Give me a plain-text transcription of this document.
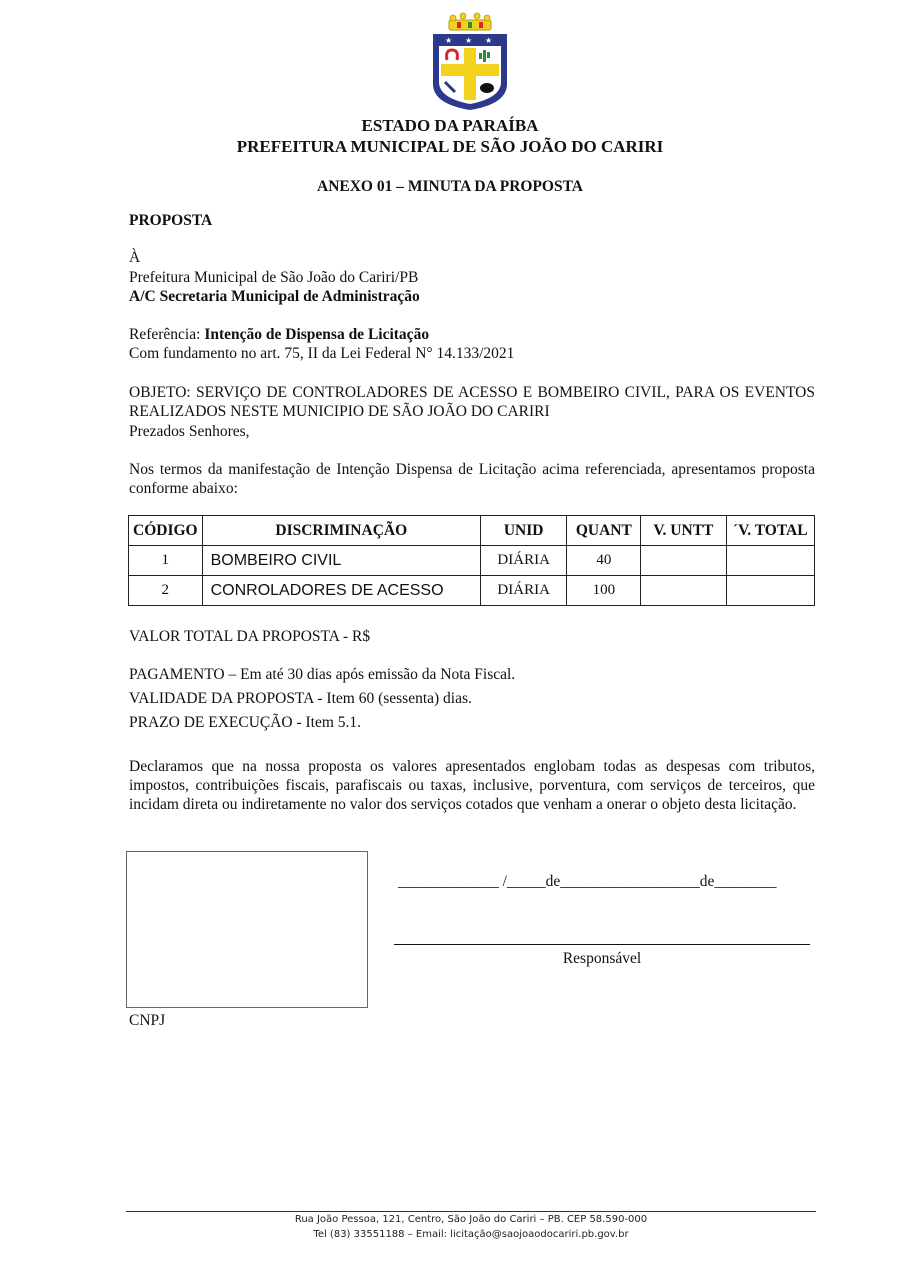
★ ★ ★
ESTADO DA PARAÍBA
PREFEITURA MUNICIPAL DE SÃO JOÃO DO CARIRI
ANEXO 01 – MINUTA DA PROPOSTA
PROPOSTA
À
Prefeitura Municipal de São João do Cariri/PB
A/C Secretaria Municipal de Administração
Referência: Intenção de Dispensa de Licitação
Com fundamento no art. 75, II da Lei Federal N° 14.133/2021
OBJETO: SERVIÇO DE CONTROLADORES DE ACESSO E BOMBEIRO CIVIL, PARA OS EVENTOS REALIZADOS NESTE MUNICIPIO DE SÃO JOÃO DO CARIRI
Prezados Senhores,
Nos termos da manifestação de Intenção Dispensa de Licitação acima referenciada, apresentamos proposta conforme abaixo:
CÓDIGO	DISCRIMINAÇÃO	UNID	QUANT	V. UNTT	´V. TOTAL
1	BOMBEIRO CIVIL	DIÁRIA	40		
2	CONROLADORES DE ACESSO	DIÁRIA	100		
VALOR TOTAL DA PROPOSTA - R$
PAGAMENTO – Em até 30 dias após emissão da Nota Fiscal.
VALIDADE DA PROPOSTA - Item 60 (sessenta) dias.
PRAZO DE EXECUÇÃO - Item 5.1.
Declaramos que na nossa proposta os valores apresentados englobam todas as despesas com tributos, impostos, contribuições fiscais, parafiscais ou taxas, inclusive, porventura, com serviços de terceiros, que incidam direta ou indiretamente no valor dos serviços cotados que venham a onerar o objeto desta licitação.
CNPJ
_____________ /_____de__________________de________
Responsável
Rua João Pessoa, 121, Centro, São João do Cariri – PB. CEP 58.590-000
Tel (83) 33551188 – Email: licitação@saojoaodocariri.pb.gov.br
